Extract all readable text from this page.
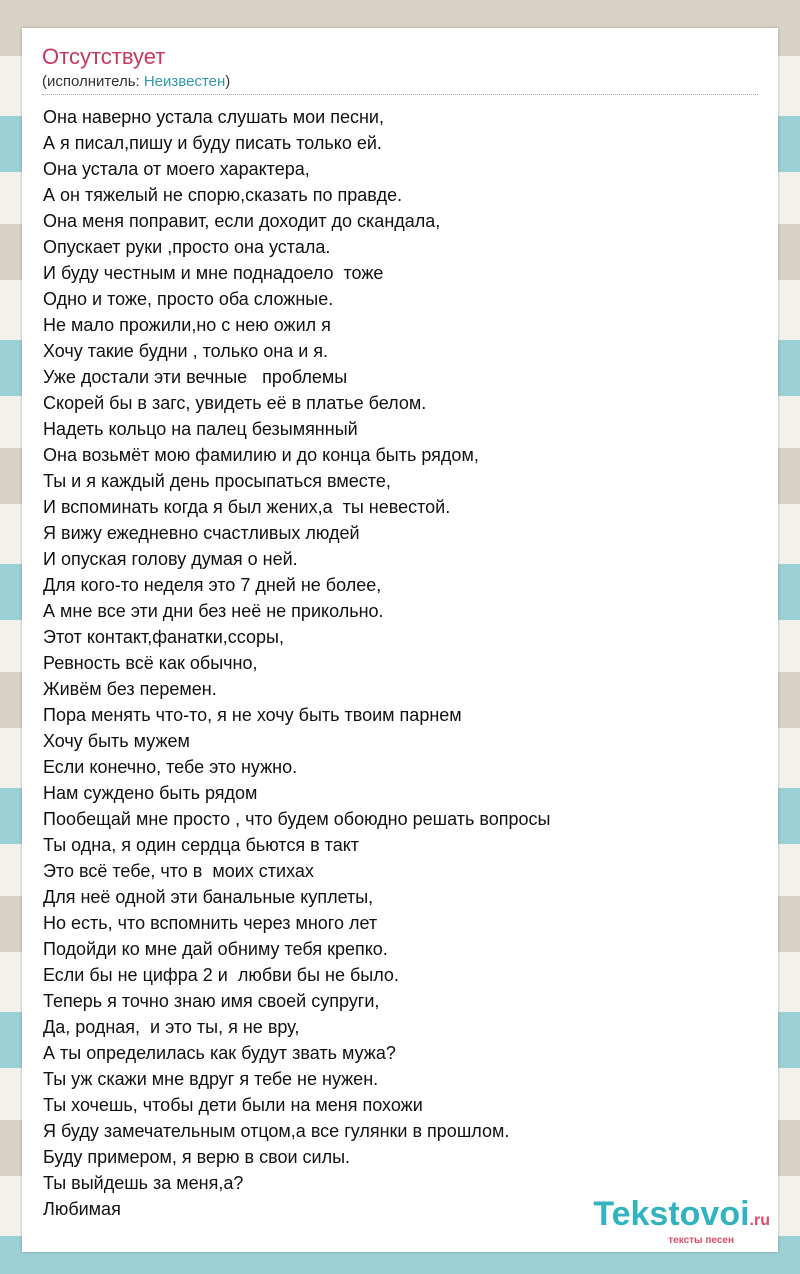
Отсутствует
(исполнитель: Неизвестен)
Она наверно устала слушать мои песни,
А я писал,пишу и буду писать только ей.
Она устала от моего характера,
А он тяжелый не спорю,сказать по правде.
Она меня поправит, если доходит до скандала,
Опускает руки ,просто она устала.
И буду честным и мне поднадоело  тоже
Одно и тоже, просто оба сложные.
Не мало прожили,но с нею ожил я
Хочу такие будни , только она и я.
Уже достали эти вечные   проблемы
Скорей бы в загс, увидеть её в платье белом.
Надеть кольцо на палец безымянный
Она возьмёт мою фамилию и до конца быть рядом,
Ты и я каждый день просыпаться вместе,
И вспоминать когда я был жених,а  ты невестой.
Я вижу ежедневно счастливых людей
И опуская голову думая о ней.
Для кого-то неделя это 7 дней не более,
А мне все эти дни без неё не прикольно.
Этот контакт,фанатки,ссоры,
Ревность всё как обычно,
Живём без перемен.
Пора менять что-то, я не хочу быть твоим парнем
Хочу быть мужем
Если конечно, тебе это нужно.
Нам суждено быть рядом
Пообещай мне просто , что будем обоюдно решать вопросы
Ты одна, я один сердца бьются в такт
Это всё тебе, что в  моих стихах
Для неё одной эти банальные куплеты,
Но есть, что вспомнить через много лет
Подойди ко мне дай обниму тебя крепко.
Если бы не цифра 2 и  любви бы не было.
Теперь я точно знаю имя своей супруги,
Да, родная,  и это ты, я не вру,
А ты определилась как будут звать мужа?
Ты уж скажи мне вдруг я тебе не нужен.
Ты хочешь, чтобы дети были на меня похожи
Я буду замечательным отцом,а все гулянки в прошлом.
Буду примером, я верю в свои силы.
Ты выйдешь за меня,а?
Любимая	Tekstovoi.ru
тексты песен
